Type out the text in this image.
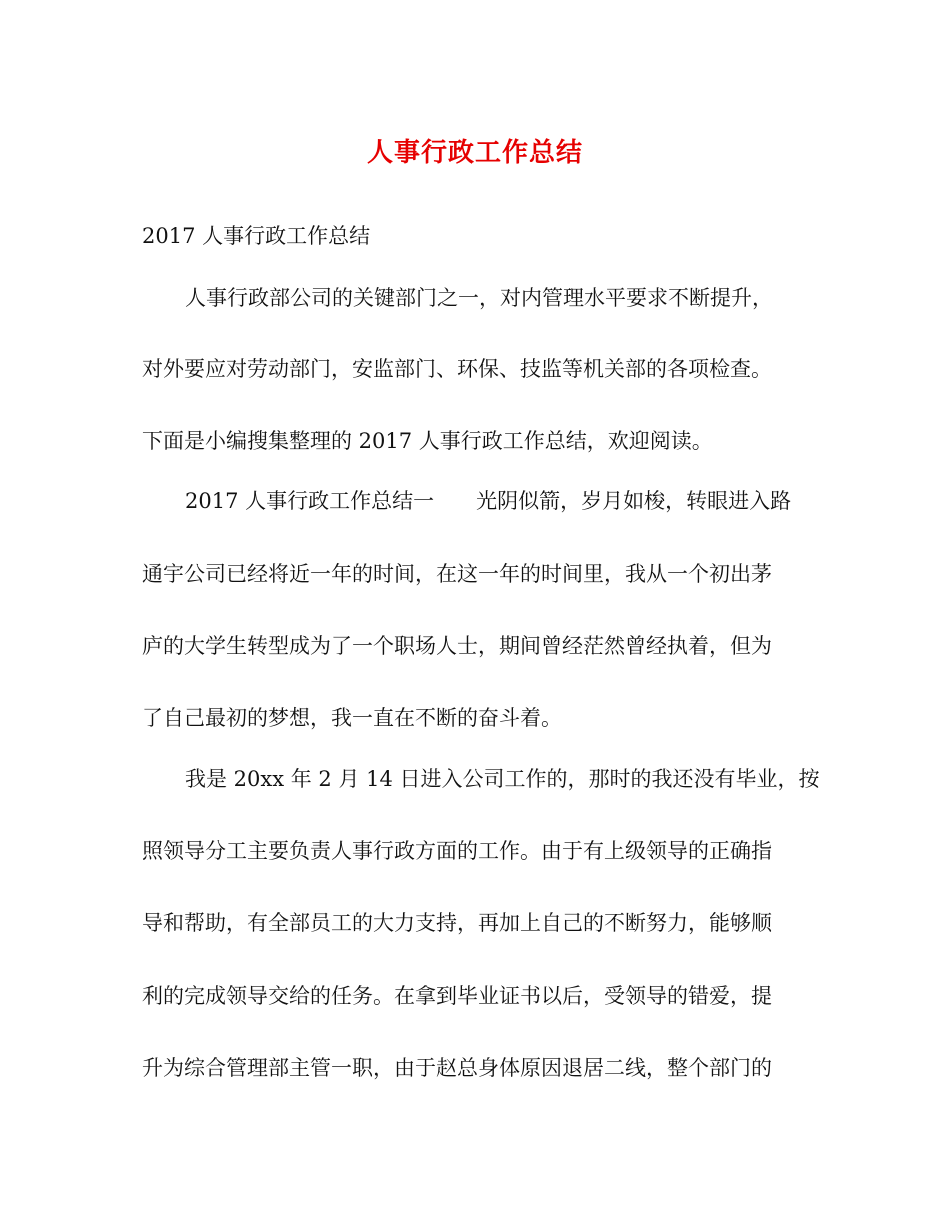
人事行政工作总结
2017 人事行政工作总结
人事行政部公司的关键部门之一，对内管理水平要求不断提升，
对外要应对劳动部门，安监部门、环保、技监等机关部的各项检查。
下面是小编搜集整理的 2017 人事行政工作总结，欢迎阅读。
2017 人事行政工作总结一　　光阴似箭，岁月如梭，转眼进入路
通宇公司已经将近一年的时间，在这一年的时间里，我从一个初出茅
庐的大学生转型成为了一个职场人士，期间曾经茫然曾经执着，但为
了自己最初的梦想，我一直在不断的奋斗着。
我是 20xx 年 2 月 14 日进入公司工作的，那时的我还没有毕业，按
照领导分工主要负责人事行政方面的工作。由于有上级领导的正确指
导和帮助，有全部员工的大力支持，再加上自己的不断努力，能够顺
利的完成领导交给的任务。在拿到毕业证书以后，受领导的错爱，提
升为综合管理部主管一职，由于赵总身体原因退居二线，整个部门的
